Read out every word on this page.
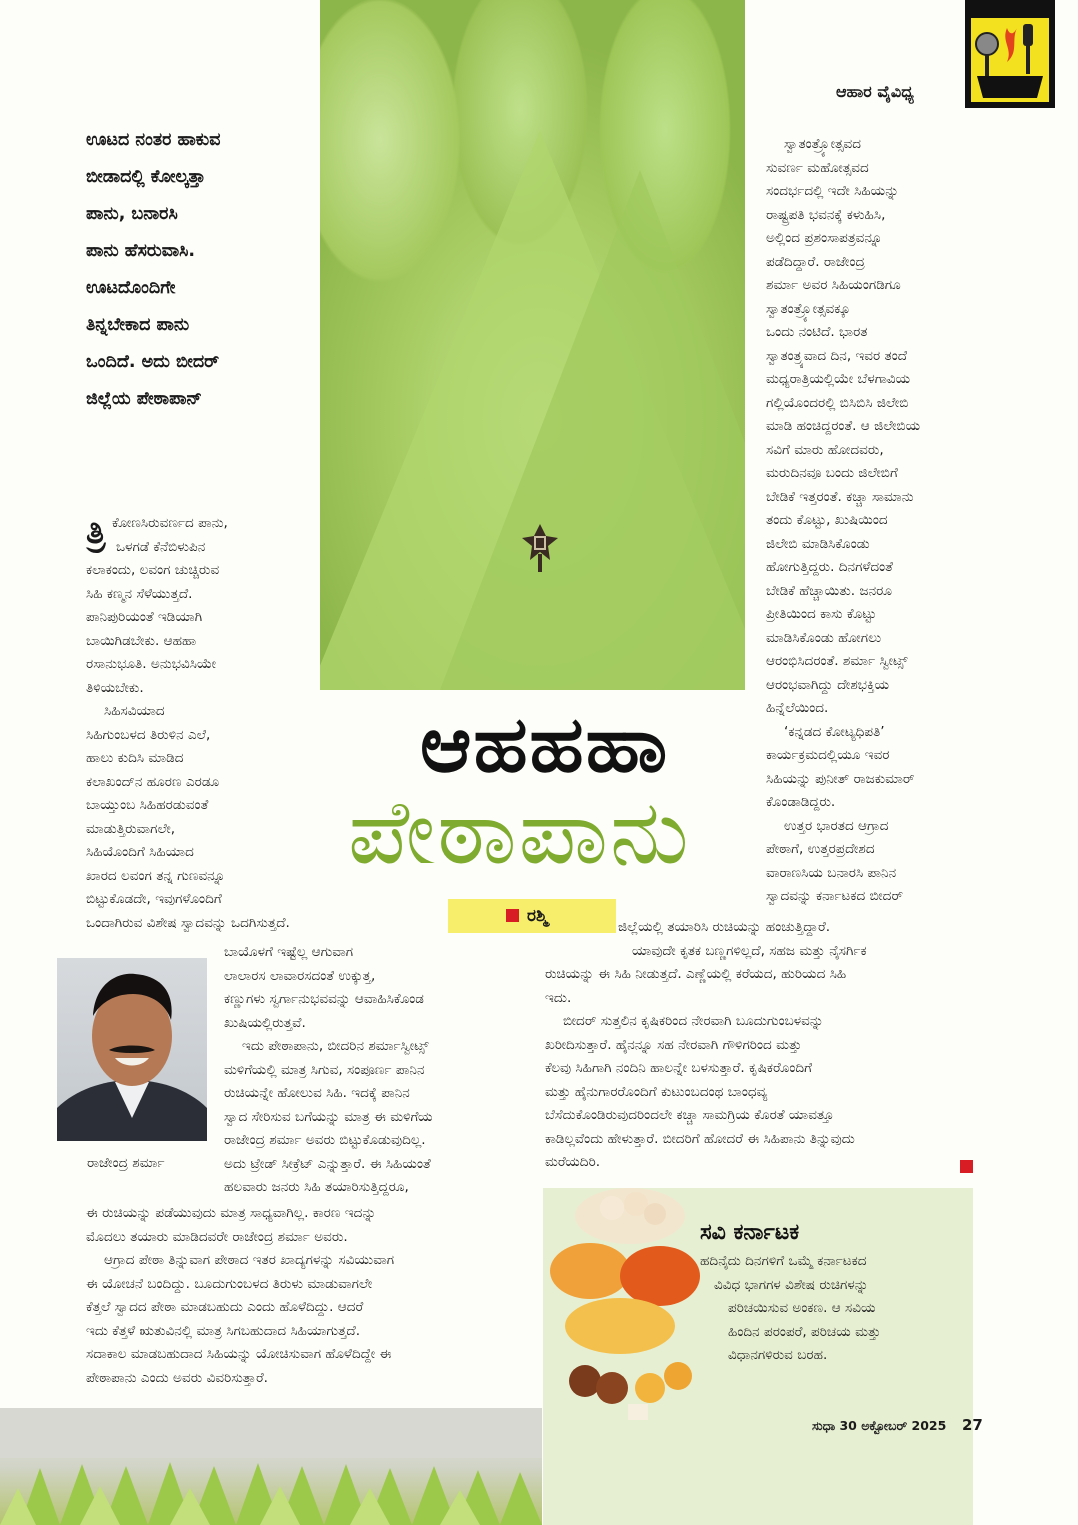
ಆಹಾರ ವೈವಿಧ್ಯ
ಊಟದ ನಂತರ ಹಾಕುವ
ಬೀಡಾದಲ್ಲಿ ಕೋಲ್ಕತ್ತಾ
ಪಾನು, ಬನಾರಸಿ
ಪಾನು ಹೆಸರುವಾಸಿ.
ಊಟದೊಂದಿಗೇ
ತಿನ್ನಬೇಕಾದ ಪಾನು
ಒಂದಿದೆ. ಅದು ಬೀದರ್
ಜಿಲ್ಲೆಯ ಪೇಠಾಪಾನ್‌
ತ್ರಿ ಕೋಣಸಿರುವರ್ಣದ ಪಾನು,
ಒಳಗಡೆ ಕೆನೆಬಿಳುಪಿನ
ಕಲಾಕಂದು, ಲವಂಗ ಚುಚ್ಚಿರುವ
ಸಿಹಿ ಕಣ್ಮನ ಸೆಳೆಯುತ್ತದೆ.
ಪಾನಿಪುರಿಯಂತೆ ಇಡಿಯಾಗಿ
ಬಾಯಿಗಿಡಬೇಕು. ಆಹಹಾ
ರಸಾನುಭೂತಿ. ಅನುಭವಿಸಿಯೇ
ತಿಳಿಯಬೇಕು.
ಸಿಹಿಸವಿಯಾದ
ಸಿಹಿಗುಂಬಳದ ತಿರುಳಿನ ಎಲೆ,
ಹಾಲು ಕುದಿಸಿ ಮಾಡಿದ
ಕಲಾಖಂದ್‌ನ ಹೂರಣ ಎರಡೂ
ಬಾಯ್ತುಂಬ ಸಿಹಿಹರಡುವಂತೆ
ಮಾಡುತ್ತಿರುವಾಗಲೇ,
ಸಿಹಿಯೊಂದಿಗೆ ಸಿಹಿಯಾದ
ಖಾರದ ಲವಂಗ ತನ್ನ ಗುಣವನ್ನೂ
ಬಿಟ್ಟುಕೊಡದೇ, ಇವುಗಳೊಂದಿಗೆ
ಒಂದಾಗಿರುವ ವಿಶೇಷ ಸ್ವಾದವನ್ನು ಒದಗಿಸುತ್ತದೆ.
ಸ್ವಾತಂತ್ರ್ಯೋತ್ಸವದ
ಸುವರ್ಣ ಮಹೋತ್ಸವದ
ಸಂದರ್ಭದಲ್ಲಿ ಇದೇ ಸಿಹಿಯನ್ನು
ರಾಷ್ಟ್ರಪತಿ ಭವನಕ್ಕೆ ಕಳುಹಿಸಿ,
ಅಲ್ಲಿಂದ ಪ್ರಶಂಸಾಪತ್ರವನ್ನೂ
ಪಡೆದಿದ್ದಾರೆ. ರಾಜೇಂದ್ರ
ಶರ್ಮಾ ಅವರ ಸಿಹಿಯಂಗಡಿಗೂ
ಸ್ವಾತಂತ್ರ್ಯೋತ್ಸವಕ್ಕೂ
ಒಂದು ನಂಟಿದೆ. ಭಾರತ
ಸ್ವಾತಂತ್ರ್ಯವಾದ ದಿನ, ಇವರ ತಂದೆ
ಮಧ್ಯರಾತ್ರಿಯಲ್ಲಿಯೇ ಬೆಳಗಾವಿಯ
ಗಲ್ಲಿಯೊಂದರಲ್ಲಿ ಬಿಸಿಬಿಸಿ ಜಿಲೇಬಿ
ಮಾಡಿ ಹಂಚಿದ್ದರಂತೆ. ಆ ಜಿಲೇಬಿಯ
ಸವಿಗೆ ಮಾರು ಹೋದವರು,
ಮರುದಿನವೂ ಬಂದು ಜಿಲೇಬಿಗೆ
ಬೇಡಿಕೆ ಇತ್ತರಂತೆ. ಕಚ್ಚಾ ಸಾಮಾನು
ತಂದು ಕೊಟ್ಟು, ಖುಷಿಯಿಂದ
ಜಿಲೇಬಿ ಮಾಡಿಸಿಕೊಂಡು
ಹೋಗುತ್ತಿದ್ದರು. ದಿನಗಳೆದಂತೆ
ಬೇಡಿಕೆ ಹೆಚ್ಚಾಯಿತು. ಜನರೂ
ಪ್ರೀತಿಯಿಂದ ಕಾಸು ಕೊಟ್ಟು
ಮಾಡಿಸಿಕೊಂಡು ಹೋಗಲು
ಆರಂಭಿಸಿದರಂತೆ. ಶರ್ಮಾ ಸ್ವೀಟ್ಸ್
ಆರಂಭವಾಗಿದ್ದು ದೇಶಭಕ್ತಿಯ
ಹಿನ್ನೆಲೆಯಿಂದ.
‘ಕನ್ನಡದ ಕೋಟ್ಯಧಿಪತಿ’
ಕಾರ್ಯಕ್ರಮದಲ್ಲಿಯೂ ಇವರ
ಸಿಹಿಯನ್ನು ಪುನೀತ್ ರಾಜಕುಮಾರ್
ಕೊಂಡಾಡಿದ್ದರು.
ಉತ್ತರ ಭಾರತದ ಆಗ್ರಾದ
ಪೇಠಾಗೆ, ಉತ್ತರಪ್ರದೇಶದ
ವಾರಾಣಸಿಯ ಬನಾರಸಿ ಪಾನಿನ
ಸ್ವಾದವನ್ನು ಕರ್ನಾಟಕದ ಬೀದರ್
ಆಹಹಹಾ
ಪೇಠಾಪಾನು
ರಶ್ಮಿ
ಜಿಲ್ಲೆಯಲ್ಲಿ ತಯಾರಿಸಿ ರುಚಿಯನ್ನು ಹಂಚುತ್ತಿದ್ದಾರೆ.
ಯಾವುದೇ ಕೃತಕ ಬಣ್ಣಗಳಿಲ್ಲದೆ, ಸಹಜ ಮತ್ತು ನೈಸರ್ಗಿಕ
ರುಚಿಯನ್ನು ಈ ಸಿಹಿ ನೀಡುತ್ತದೆ. ಎಣ್ಣೆಯಲ್ಲಿ ಕರೆಯದ, ಹುರಿಯದ ಸಿಹಿ
ಇದು.
ಬೀದರ್ ಸುತ್ತಲಿನ ಕೃಷಿಕರಿಂದ ನೇರವಾಗಿ ಬೂದುಗುಂಬಳವನ್ನು
ಖರೀದಿಸುತ್ತಾರೆ. ಹೈನನ್ನೂ ಸಹ ನೇರವಾಗಿ ಗೌಳಿಗರಿಂದ ಮತ್ತು
ಕೆಲವು ಸಿಹಿಗಾಗಿ ನಂದಿನಿ ಹಾಲನ್ನೇ ಬಳಸುತ್ತಾರೆ. ಕೃಷಿಕರೊಂದಿಗೆ
ಮತ್ತು ಹೈನುಗಾರರೊಂದಿಗೆ ಕುಟುಂಬದಂಥ ಬಾಂಧವ್ಯ
ಬೆಸೆದುಕೊಂಡಿರುವುದರಿಂದಲೇ ಕಚ್ಚಾ ಸಾಮಗ್ರಿಯ ಕೊರತೆ ಯಾವತ್ತೂ
ಕಾಡಿಲ್ಲವೆಂದು ಹೇಳುತ್ತಾರೆ. ಬೀದರಿಗೆ ಹೋದರೆ ಈ ಸಿಹಿಪಾನು ತಿನ್ನುವುದು
ಮರೆಯದಿರಿ.
ರಾಜೇಂದ್ರ ಶರ್ಮಾ
ಬಾಯೊಳಗೆ ಇಷ್ಟೆಲ್ಲ ಆಗುವಾಗ
ಲಾಲಾರಸ ಲಾವಾರಸದಂತೆ ಉಕ್ಕುತ್ತ,
ಕಣ್ಣುಗಳು ಸ್ವರ್ಗಾನುಭವವನ್ನು ಆವಾಹಿಸಿಕೊಂಡ
ಖುಷಿಯಲ್ಲಿರುತ್ತವೆ.
ಇದು ಪೇಠಾಪಾನು, ಬೀದರಿನ ಶರ್ಮಾಸ್ವೀಟ್ಸ್
ಮಳಿಗೆಯಲ್ಲಿ ಮಾತ್ರ ಸಿಗುವ, ಸಂಪೂರ್ಣ ಪಾನಿನ
ರುಚಿಯನ್ನೇ ಹೋಲುವ ಸಿಹಿ. ಇದಕ್ಕೆ ಪಾನಿನ
ಸ್ವಾದ ಸೇರಿಸುವ ಬಗೆಯನ್ನು ಮಾತ್ರ ಈ ಮಳಿಗೆಯ
ರಾಜೇಂದ್ರ ಶರ್ಮಾ ಅವರು ಬಿಟ್ಟುಕೊಡುವುದಿಲ್ಲ.
ಅದು ಟ್ರೇಡ್ ಸೀಕ್ರೆಟ್ ಎನ್ನುತ್ತಾರೆ. ಈ ಸಿಹಿಯಂತೆ
ಹಲವಾರು ಜನರು ಸಿಹಿ ತಯಾರಿಸುತ್ತಿದ್ದರೂ,
ಈ ರುಚಿಯನ್ನು ಪಡೆಯುವುದು ಮಾತ್ರ ಸಾಧ್ಯವಾಗಿಲ್ಲ. ಕಾರಣ ಇದನ್ನು
ಮೊದಲು ತಯಾರು ಮಾಡಿದವರೇ ರಾಜೇಂದ್ರ ಶರ್ಮಾ ಅವರು.
ಆಗ್ರಾದ ಪೇಠಾ ತಿನ್ನುವಾಗ ಪೇಠಾದ ಇತರ ಖಾದ್ಯಗಳನ್ನು ಸವಿಯುವಾಗ
ಈ ಯೋಚನೆ ಬಂದಿದ್ದು. ಬೂದುಗುಂಬಳದ ತಿರುಳು ಮಾಡುವಾಗಲೇ
ಕೆತ್ತಲೆ ಸ್ವಾದದ ಪೇಠಾ ಮಾಡಬಹುದು ಎಂದು ಹೊಳೆದಿದ್ದು. ಆದರೆ
ಇದು ಕೆತ್ತಳೆ ಋತುವಿನಲ್ಲಿ ಮಾತ್ರ ಸಿಗಬಹುದಾದ ಸಿಹಿಯಾಗುತ್ತದೆ.
ಸದಾಕಾಲ ಮಾಡಬಹುದಾದ ಸಿಹಿಯನ್ನು ಯೋಚಿಸುವಾಗ ಹೊಳೆದಿದ್ದೇ ಈ
ಪೇಠಾಪಾನು ಎಂದು ಅವರು ವಿವರಿಸುತ್ತಾರೆ.
ಸವಿ ಕರ್ನಾಟಕ
ಹದಿನೈದು ದಿನಗಳಿಗೆ ಒಮ್ಮೆ ಕರ್ನಾಟಕದ
ವಿವಿಧ ಭಾಗಗಳ ವಿಶೇಷ ರುಚಿಗಳನ್ನು
ಪರಿಚಯಿಸುವ ಅಂಕಣ. ಆ ಸವಿಯ
ಹಿಂದಿನ ಪರಂಪರೆ, ಪರಿಚಯ ಮತ್ತು
ವಿಧಾನಗಳಿರುವ ಬರಹ.
ಸುಧಾ 30 ಅಕ್ಟೋಬರ್ 2025 27
